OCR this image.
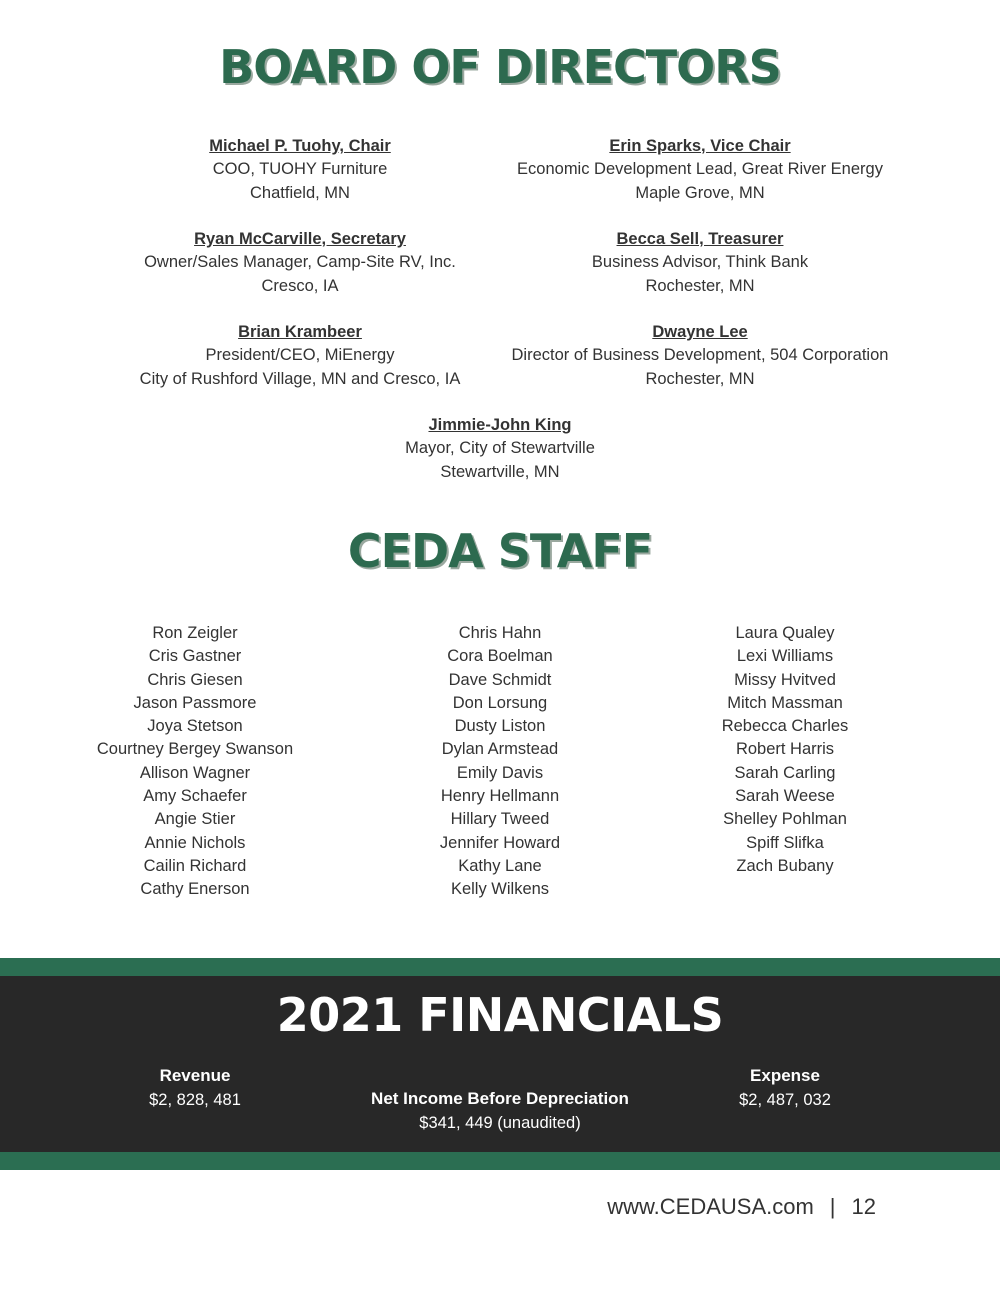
BOARD OF DIRECTORS
Michael P. Tuohy, Chair
COO, TUOHY Furniture
Chatfield, MN
Erin Sparks, Vice Chair
Economic Development Lead, Great River Energy
Maple Grove, MN
Ryan McCarville, Secretary
Owner/Sales Manager, Camp-Site RV, Inc.
Cresco, IA
Becca Sell, Treasurer
Business Advisor, Think Bank
Rochester, MN
Brian Krambeer
President/CEO, MiEnergy
City of Rushford Village, MN and Cresco, IA
Dwayne Lee
Director of Business Development, 504 Corporation
Rochester, MN
Jimmie-John King
Mayor, City of Stewartville
Stewartville, MN
CEDA STAFF
Ron Zeigler
Cris Gastner
Chris Giesen
Jason Passmore
Joya Stetson
Courtney Bergey Swanson
Allison Wagner
Amy Schaefer
Angie Stier
Annie Nichols
Cailin Richard
Cathy Enerson
Chris Hahn
Cora Boelman
Dave Schmidt
Don Lorsung
Dusty Liston
Dylan Armstead
Emily Davis
Henry Hellmann
Hillary Tweed
Jennifer Howard
Kathy Lane
Kelly Wilkens
Laura Qualey
Lexi Williams
Missy Hvitved
Mitch Massman
Rebecca Charles
Robert Harris
Sarah Carling
Sarah Weese
Shelley Pohlman
Spiff Slifka
Zach Bubany
2021 FINANCIALS
Revenue
$2, 828, 481	Net Income Before Depreciation
$341, 449 (unaudited)
Expense
$2, 487, 032
www.CEDAUSA.com | 12
